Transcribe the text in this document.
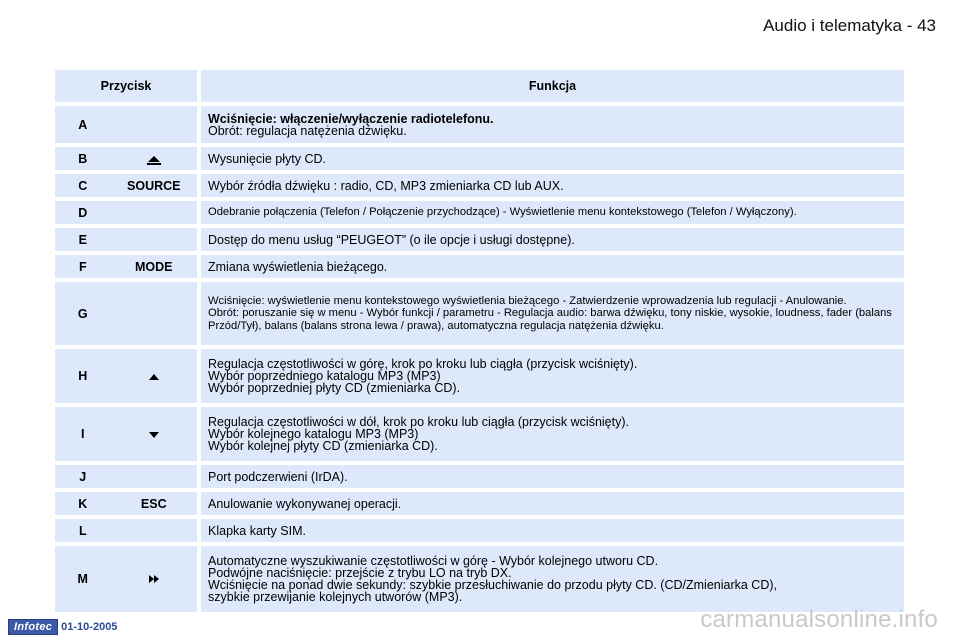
Audio i telematyka - 43
Przycisk		Funkcja
A		Wciśnięcie: włączenie/wyłączenie radiotelefonu.
Obrót: regulacja natężenia dźwięku.

B		Wysunięcie płyty CD.

C	SOURCE	Wybór źródła dźwięku : radio, CD, MP3 zmieniarka CD lub AUX.

D		Odebranie połączenia (Telefon / Połączenie przychodzące) - Wyświetlenie menu kontekstowego (Telefon / Wyłączony).

E		Dostęp do menu usług “PEUGEOT” (o ile opcje i usługi dostępne).

F	MODE	Zmiana wyświetlenia bieżącego.

G		Wciśnięcie: wyświetlenie menu kontekstowego wyświetlenia bieżącego - Zatwierdzenie wprowadzenia lub regulacji - Anulowanie.
Obrót: poruszanie się w menu - Wybór funkcji / parametru - Regulacja audio: barwa dźwięku, tony niskie, wysokie, loudness, fader (balans Przód/Tył), balans (balans strona lewa / prawa), automatyczna regulacja natężenia dźwięku.

H		Regulacja częstotliwości w górę, krok po kroku lub ciągła (przycisk wciśnięty).
Wybór poprzedniego katalogu MP3 (MP3)
Wybór poprzedniej płyty CD (zmieniarka CD).

I		Regulacja częstotliwości w dół, krok po kroku lub ciągła (przycisk wciśnięty).
Wybór kolejnego katalogu MP3 (MP3)
Wybór kolejnej płyty CD (zmieniarka CD).

J		Port podczerwieni (IrDA).

K	ESC	Anulowanie wykonywanej operacji.

L		Klapka karty SIM.

M		Automatyczne wyszukiwanie częstotliwości w górę - Wybór kolejnego utworu CD.
Podwójne naciśnięcie: przejście z trybu LO na tryb DX.
Wciśnięcie na ponad dwie sekundy: szybkie przesłuchiwanie do przodu płyty CD. (CD/Zmieniarka CD),
szybkie przewijanie kolejnych utworów (MP3).
Infotec 01-10-2005	carmanualsonline.info
